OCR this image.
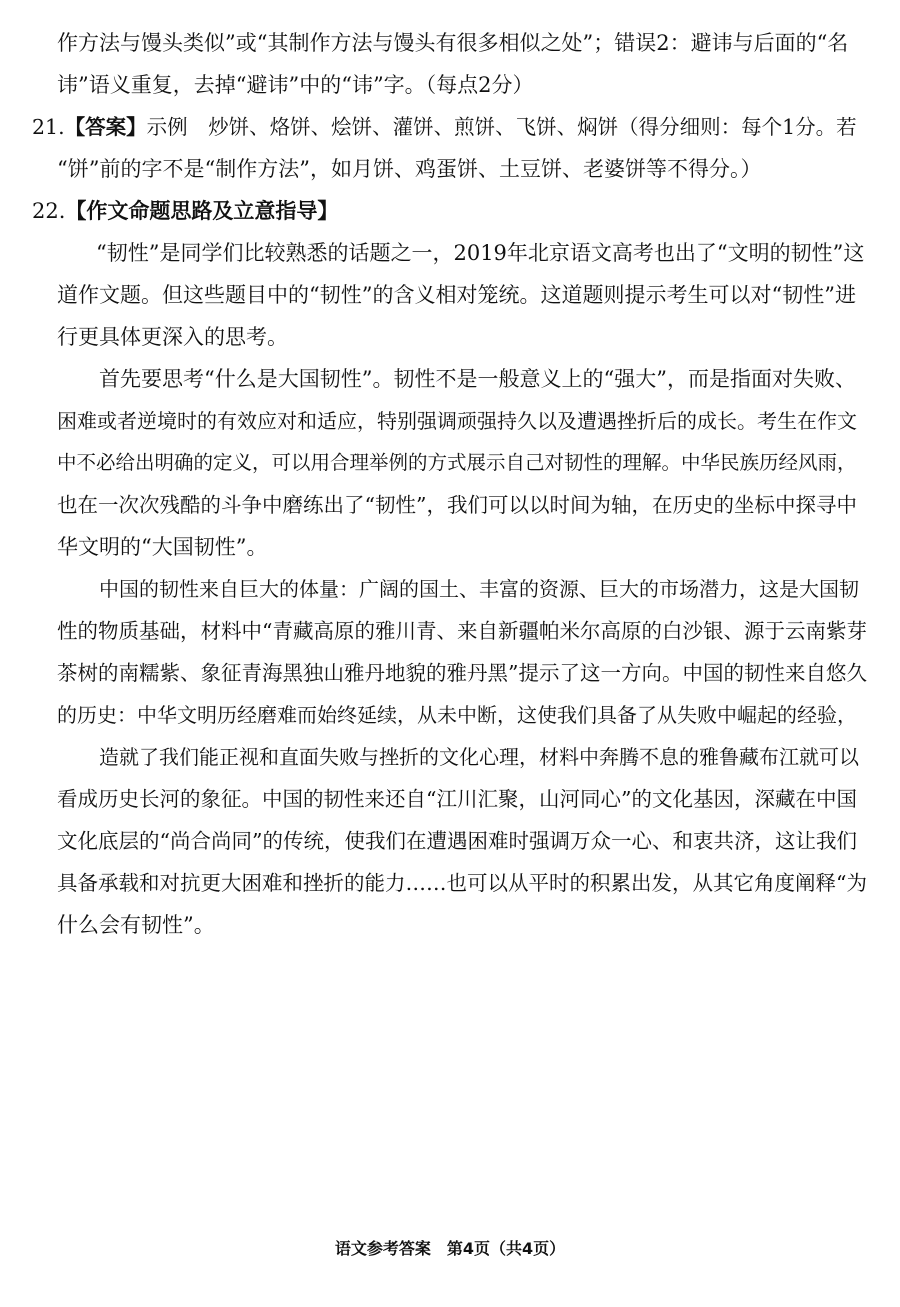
作方法与馒头类似”或“其制作方法与馒头有很多相似之处”；错误2：避讳与后面的“名

讳”语义重复，去掉“避讳”中的“讳”字。（每点2分）

21.【答案】示例　炒饼、烙饼、烩饼、灌饼、煎饼、飞饼、焖饼（得分细则：每个1分。若

“饼”前的字不是“制作方法”，如月饼、鸡蛋饼、土豆饼、老婆饼等不得分。）

22.【作文命题思路及立意指导】

“韧性”是同学们比较熟悉的话题之一，2019年北京语文高考也出了“文明的韧性”这

道作文题。但这些题目中的“韧性”的含义相对笼统。这道题则提示考生可以对“韧性”进

行更具体更深入的思考。

首先要思考“什么是大国韧性”。韧性不是一般意义上的“强大”，而是指面对失败、

困难或者逆境时的有效应对和适应，特别强调顽强持久以及遭遇挫折后的成长。考生在作文

中不必给出明确的定义，可以用合理举例的方式展示自己对韧性的理解。中华民族历经风雨，

也在一次次残酷的斗争中磨练出了“韧性”，我们可以以时间为轴，在历史的坐标中探寻中

华文明的“大国韧性”。

中国的韧性来自巨大的体量：广阔的国土、丰富的资源、巨大的市场潜力，这是大国韧

性的物质基础，材料中“青藏高原的雅川青、来自新疆帕米尔高原的白沙银、源于云南紫芽

茶树的南糯紫、象征青海黑独山雅丹地貌的雅丹黑”提示了这一方向。中国的韧性来自悠久

的历史：中华文明历经磨难而始终延续，从未中断，这使我们具备了从失败中崛起的经验，

造就了我们能正视和直面失败与挫折的文化心理，材料中奔腾不息的雅鲁藏布江就可以

看成历史长河的象征。中国的韧性来还自“江川汇聚，山河同心”的文化基因，深藏在中国

文化底层的“尚合尚同”的传统，使我们在遭遇困难时强调万众一心、和衷共济，这让我们

具备承载和对抗更大困难和挫折的能力……也可以从平时的积累出发，从其它角度阐释“为

什么会有韧性”。

语文参考答案　第4页（共4页）
